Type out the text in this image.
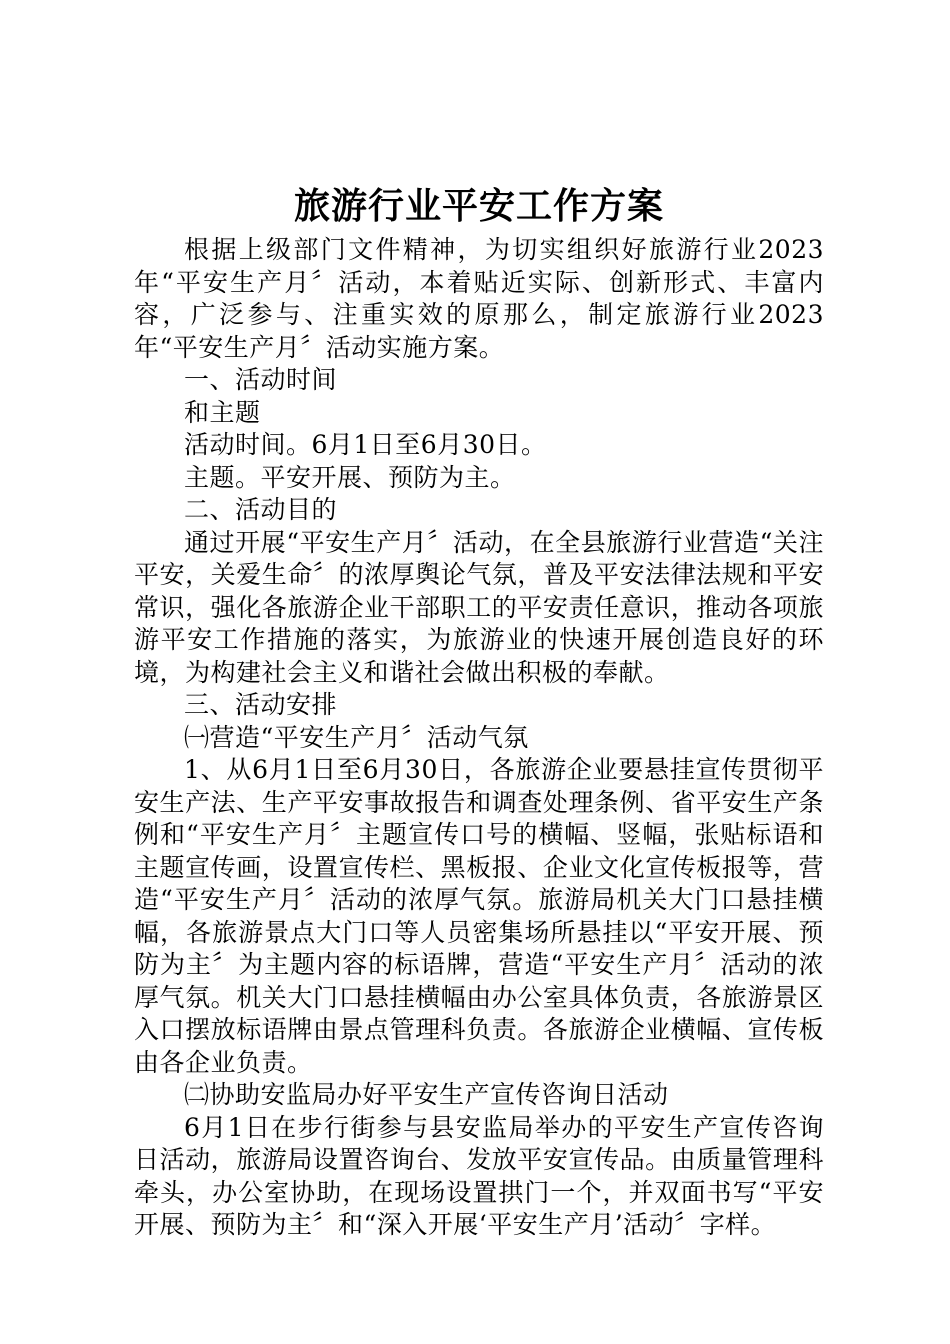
旅游行业平安工作方案

根据上级部门文件精神，为切实组织好旅游行业2023年“平安生产月〞活动，本着贴近实际、创新形式、丰富内容，广泛参与、注重实效的原那么，制定旅游行业2023年“平安生产月〞活动实施方案。

一、活动时间

和主题

活动时间。6月1日至6月30日。

主题。平安开展、预防为主。

二、活动目的

通过开展“平安生产月〞活动，在全县旅游行业营造“关注平安，关爱生命〞的浓厚舆论气氛，普及平安法律法规和平安常识，强化各旅游企业干部职工的平安责任意识，推动各项旅游平安工作措施的落实，为旅游业的快速开展创造良好的环境，为构建社会主义和谐社会做出积极的奉献。

三、活动安排

㈠营造“平安生产月〞活动气氛

1、从6月1日至6月30日，各旅游企业要悬挂宣传贯彻平安生产法、生产平安事故报告和调查处理条例、省平安生产条例和“平安生产月〞主题宣传口号的横幅、竖幅，张贴标语和主题宣传画，设置宣传栏、黑板报、企业文化宣传板报等，营造“平安生产月〞活动的浓厚气氛。旅游局机关大门口悬挂横幅，各旅游景点大门口等人员密集场所悬挂以“平安开展、预防为主〞为主题内容的标语牌，营造“平安生产月〞活动的浓厚气氛。机关大门口悬挂横幅由办公室具体负责，各旅游景区入口摆放标语牌由景点管理科负责。各旅游企业横幅、宣传板由各企业负责。

㈡协助安监局办好平安生产宣传咨询日活动

6月1日在步行街参与县安监局举办的平安生产宣传咨询日活动，旅游局设置咨询台、发放平安宣传品。由质量管理科牵头，办公室协助，在现场设置拱门一个，并双面书写“平安开展、预防为主〞和“深入开展‘平安生产月’活动〞字样。
